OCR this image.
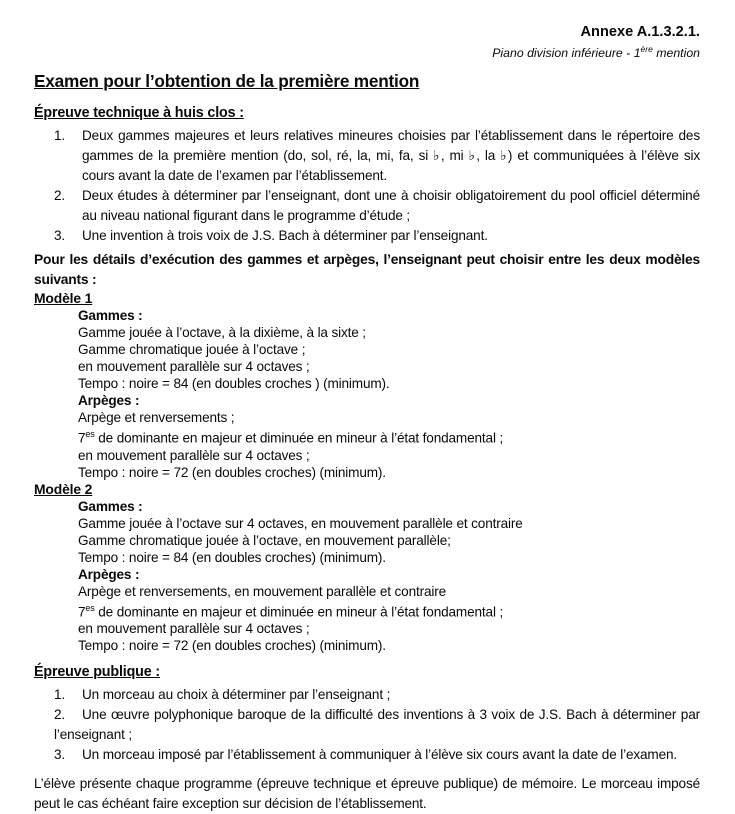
Annexe A.1.3.2.1.
Piano division inférieure - 1ère mention
Examen pour l’obtention de la première mention
Épreuve technique à huis clos :
1. Deux gammes majeures et leurs relatives mineures choisies par l’établissement dans le répertoire des gammes de la première mention (do, sol, ré, la, mi, fa, si ♭, mi ♭, la ♭) et communiquées à l’élève six cours avant la date de l’examen par l’établissement.
2. Deux études à déterminer par l’enseignant, dont une à choisir obligatoirement du pool officiel déterminé au niveau national figurant dans le programme d’étude ;
3. Une invention à trois voix de J.S. Bach à déterminer par l’enseignant.

Pour les détails d’exécution des gammes et arpèges, l’enseignant peut choisir entre les deux modèles suivants :

Modèle 1
Gammes :
Gamme jouée à l’octave, à la dixième, à la sixte ;
Gamme chromatique jouée à l’octave ;
en mouvement parallèle sur 4 octaves ;
Tempo : noire = 84 (en doubles croches ) (minimum).
Arpèges :
Arpège et renversements ;
$7^{es}$ de dominante en majeur et diminuée en mineur à l’état fondamental ;
en mouvement parallèle sur 4 octaves ;
Tempo : noire = 72 (en doubles croches) (minimum).
Modèle 2
Gammes :
Gamme jouée à l’octave sur 4 octaves, en mouvement parallèle et contraire
Gamme chromatique jouée à l’octave, en mouvement parallèle;
Tempo : noire = 84 (en doubles croches) (minimum).
Arpèges :
Arpège et renversements, en mouvement parallèle et contraire
$7^{es}$ de dominante en majeur et diminuée en mineur à l’état fondamental ;
en mouvement parallèle sur 4 octaves ;
Tempo : noire = 72 (en doubles croches) (minimum).
Épreuve publique :
1. Un morceau au choix à déterminer par l’enseignant ;
2. Une œuvre polyphonique baroque de la difficulté des inventions à 3 voix de J.S. Bach à déterminer par l’enseignant ;
3. Un morceau imposé par l’établissement à communiquer à l’élève six cours avant la date de l’examen.

L’élève présente chaque programme (épreuve technique et épreuve publique) de mémoire. Le morceau imposé peut le cas échéant faire exception sur décision de l’établissement.
